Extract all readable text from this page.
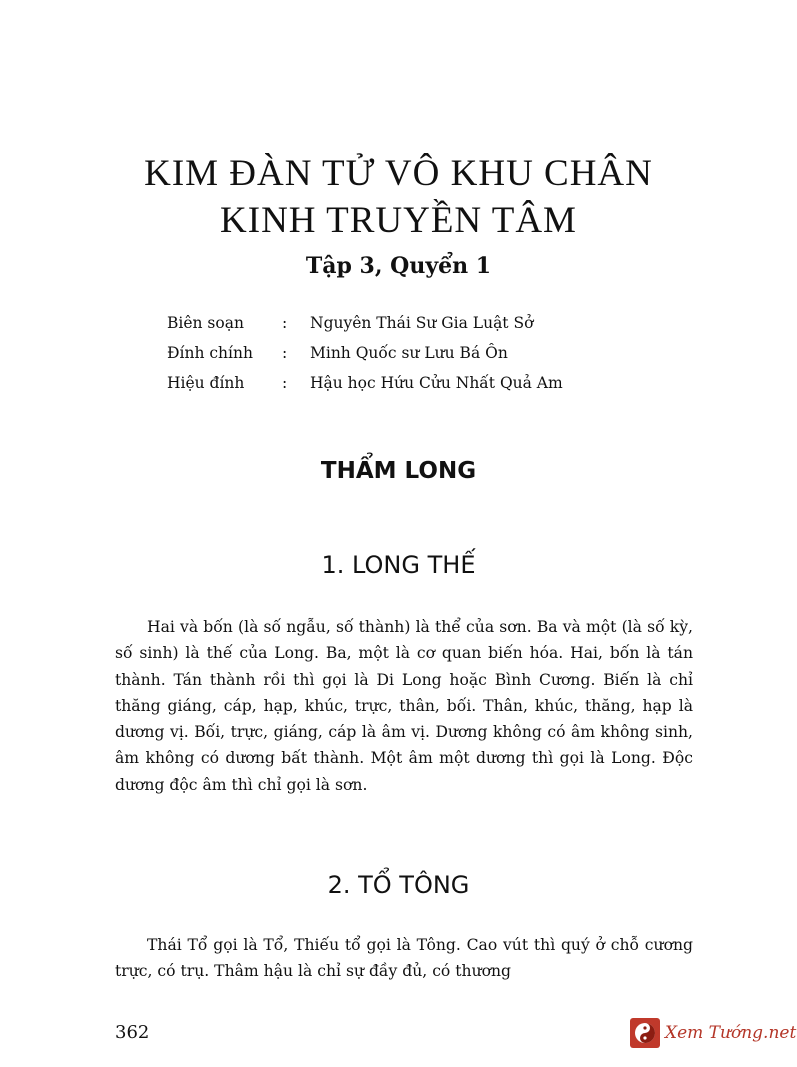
KIM ĐÀN TỬ VÔ KHU CHÂN
KINH TRUYỀN TÂM
Tập 3, Quyển 1
Biên soạn	:	Nguyên Thái Sư Gia Luật Sở
Đính chính	:	Minh Quốc sư Lưu Bá Ôn
Hiệu đính	:	Hậu học Hứu Cửu Nhất Quả Am
THẨM LONG
1. LONG THẾ

Hai và bốn (là số ngẫu, số thành) là thể của sơn. Ba và một (là số kỳ, số sinh) là thế của Long. Ba, một là cơ quan biến hóa. Hai, bốn là tán thành. Tán thành rồi thì gọi là Di Long hoặc Bình Cương. Biến là chỉ thăng giáng, cáp, hạp, khúc, trực, thân, bối. Thân, khúc, thăng, hạp là dương vị. Bối, trực, giáng, cáp là âm vị. Dương không có âm không sinh, âm không có dương bất thành. Một âm một dương thì gọi là Long. Độc dương độc âm thì chỉ gọi là sơn.

2. TỔ TÔNG

Thái Tổ gọi là Tổ, Thiếu tổ gọi là Tông. Cao vút thì quý ở chỗ cương trực, có trụ. Thâm hậu là chỉ sự đầy đủ, có thương

362	Xem Tướng.net
